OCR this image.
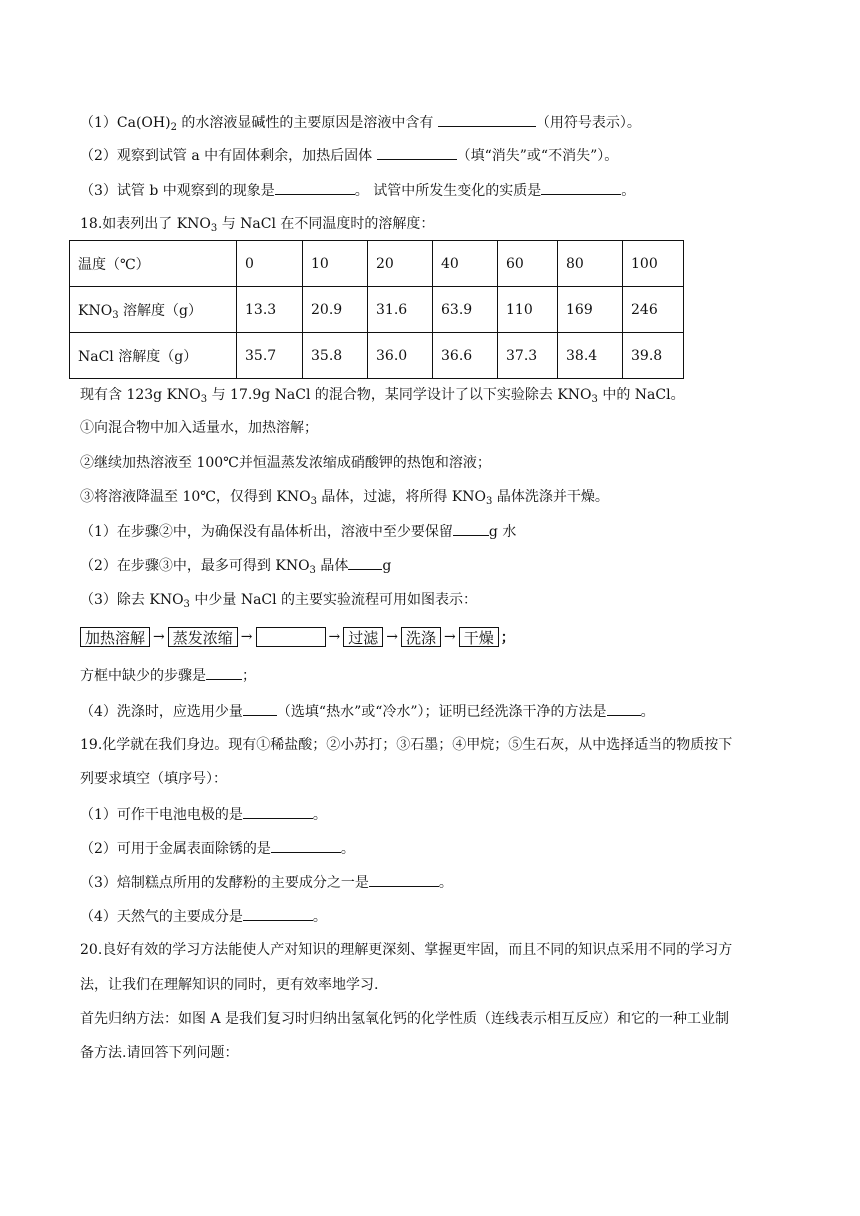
$(1)Ca(OH)_2$ 的水溶液显碱性的主要原因是溶液中含有	（用符号表示）。
（2）观察到试管 a 中有固体剩余，加热后固体	（填“消失”或“不消失”）。
（3）试管 b 中观察到的现象是	。 试管中所发生变化的实质是	。
18.如表列出了 $KNO_3$ 与 NaCl 在不同温度时的溶解度：
温度（℃）	0	10	20	40	60	80	100
$KNO_3$ 溶解度（g）	13.3	20.9	31.6	63.9	110	169	246
NaCl 溶解度（g）	35.7	35.8	36.0	36.6	37.3	38.4	39.8
现有含 123g $KNO_3$ 与 17.9g NaCl 的混合物，某同学设计了以下实验除去 $KNO_3$ 中的 NaCl。
①向混合物中加入适量水，加热溶解；
②继续加热溶液至 100℃并恒温蒸发浓缩成硝酸钾的热饱和溶液；
③将溶液降温至 10℃，仅得到 $KNO_3$ 晶体，过滤，将所得 $KNO_3$ 晶体洗涤并干燥。
（1）在步骤②中，为确保没有晶体析出，溶液中至少要保留	g 水
（2）在步骤③中，最多可得到 $KNO_3$ 晶体 g
（3）除去 $KNO_3$ 中少量 NaCl 的主要实验流程可用如图表示：
加热溶解 → 蒸发浓缩 →	→ 过滤 → 洗涤 → 干燥 ；
方框中缺少的步骤是	；
（4）洗涤时，应选用少量 （选填“热水”或“冷水”）；证明已经洗涤干净的方法是 。
19.化学就在我们身边。现有①稀盐酸；②小苏打；③石墨；④甲烷；⑤生石灰，从中选择适当的物质按下
列要求填空（填序号）：
（1）可作干电池电极的是	。
（2）可用于金属表面除锈的是	。
（3）焙制糕点所用的发酵粉的主要成分之一是	。
（4）天然气的主要成分是	。
20.良好有效的学习方法能使人产对知识的理解更深刻、掌握更牢固，而且不同的知识点采用不同的学习方
法，让我们在理解知识的同时，更有效率地学习.
首先归纳方法：如图 A 是我们复习时归纳出氢氧化钙的化学性质（连线表示相互反应）和它的一种工业制
备方法.请回答下列问题：
